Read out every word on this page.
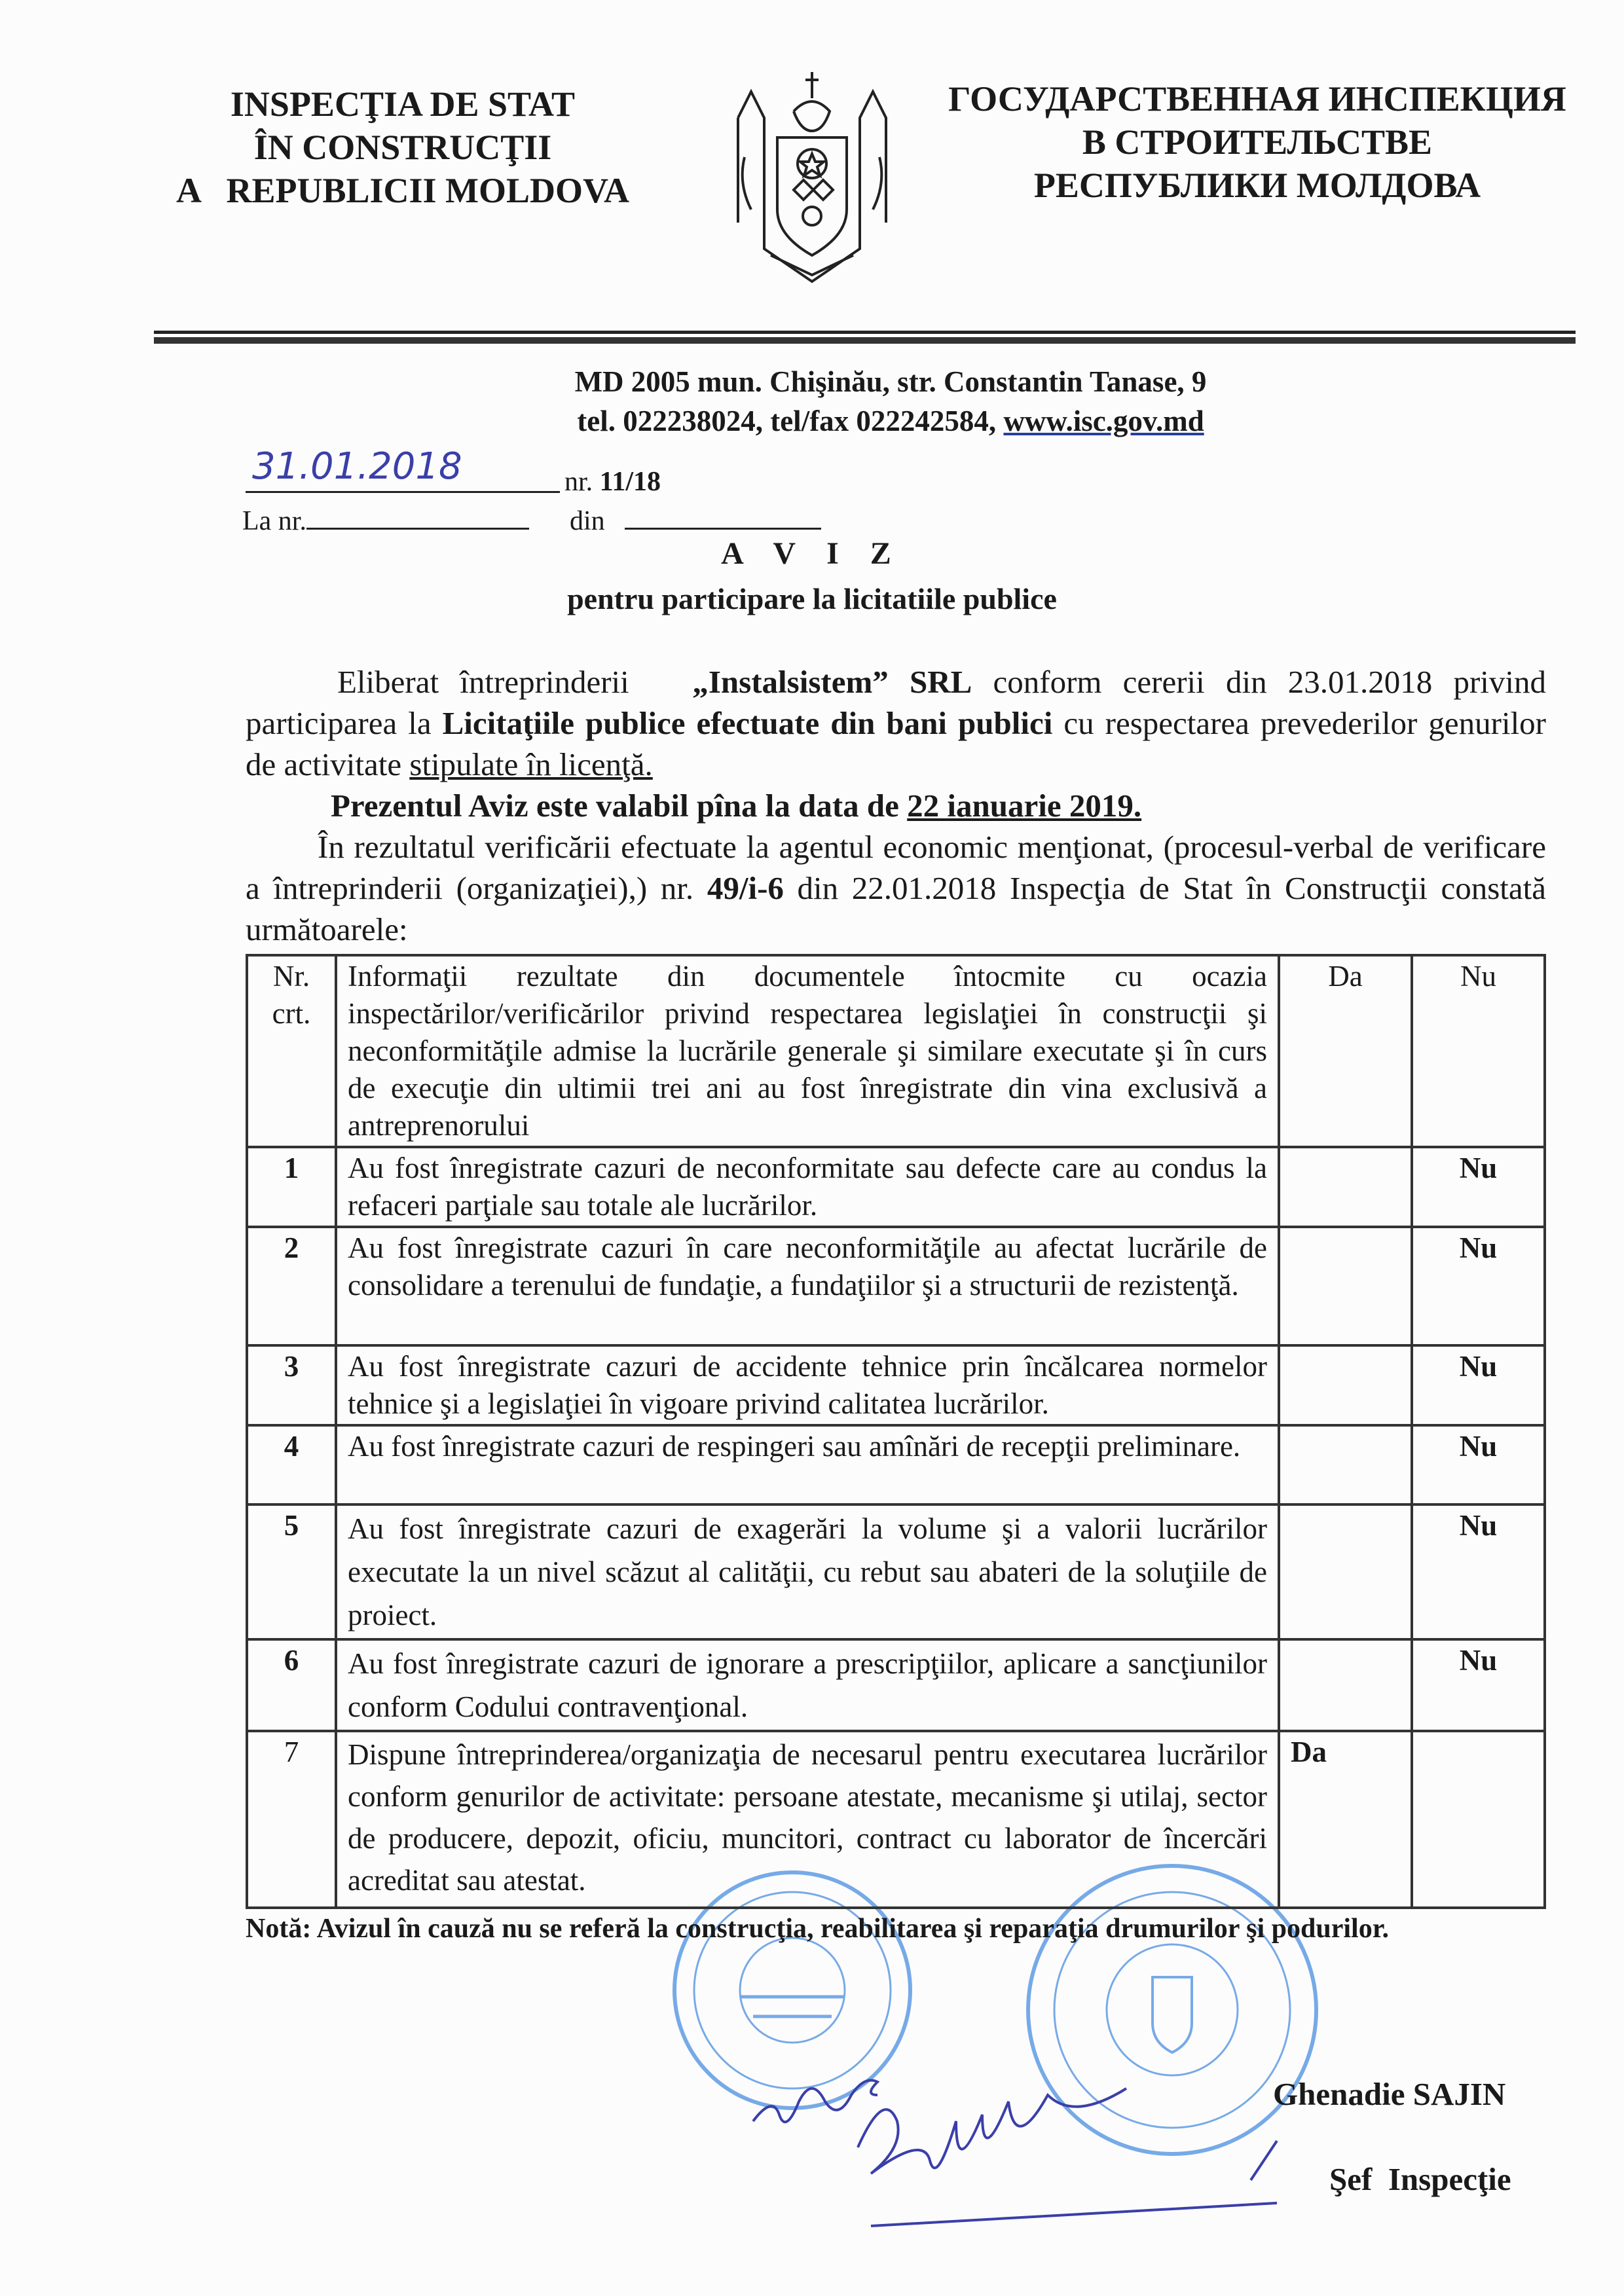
INSPECŢIA DE STAT
ÎN CONSTRUCŢII
A   REPUBLICII MOLDOVA
ГОСУДАРСТВЕННАЯ ИНСПЕКЦИЯ
В СТРОИТЕЛЬСТВЕ
РЕСПУБЛИКИ МОЛДОВА
MD 2005 mun. Chişinău, str. Constantin Tanase, 9
tel. 022238024, tel/fax 022242584, www.isc.gov.md
31.01.2018	nr. 11/18
La nr.	din
A V I Z
pentru participare la licitatiile publice

Eliberat întreprinderii   „Instalsistem” SRL conform cererii din 23.01.2018 privind participarea la Licitaţiile publice efectuate din bani publici cu respectarea prevederilor genurilor de activitate stipulate în licenţă.

Prezentul Aviz este valabil pîna la data de 22 ianuarie 2019.

În rezultatul verificării efectuate la agentul economic menţionat, (procesul-verbal de verificare a întreprinderii (organizaţiei),) nr. 49/i-6 din 22.01.2018 Inspecţia de Stat în Construcţii constată următoarele:

Nr. crt.	Informaţii rezultate din documentele întocmite cu ocazia inspectărilor/verificărilor privind respectarea legislaţiei în construcţii şi neconformităţile admise la lucrările generale şi similare executate şi în curs de execuţie din ultimii trei ani au fost înregistrate din vina exclusivă a antreprenorului	Da	Nu
1	Au fost înregistrate cazuri de neconformitate sau defecte care au condus la refaceri parţiale sau totale ale lucrărilor.		Nu
2	Au fost înregistrate cazuri în care neconformităţile au afectat lucrările de consolidare a terenului de fundaţie, a fundaţiilor şi a structurii de rezistenţă.		Nu
3	Au fost înregistrate cazuri de accidente tehnice prin încălcarea normelor tehnice şi a legislaţiei în vigoare privind calitatea lucrărilor.		Nu
4	Au fost înregistrate cazuri de respingeri sau amînări de recepţii preliminare.		Nu
5	Au fost înregistrate cazuri de exagerări la volume şi a valorii lucrărilor executate la un nivel scăzut al calităţii, cu rebut sau abateri de la soluţiile de proiect.		Nu
6	Au fost înregistrate cazuri de ignorare a prescripţiilor, aplicare a sancţiunilor conform Codului contravenţional.		Nu
7	Dispune întreprinderea/organizaţia de necesarul pentru executarea lucrărilor conform genurilor de activitate: persoane atestate, mecanisme şi utilaj, sector de producere, depozit, oficiu, muncitori, contract cu laborator de încercări acreditat sau atestat.	Da	
Notă: Avizul în cauză nu se referă la construcţia, reabilitarea şi reparaţia drumurilor şi podurilor.
Ghenadie SAJIN
Şef  Inspecţie
